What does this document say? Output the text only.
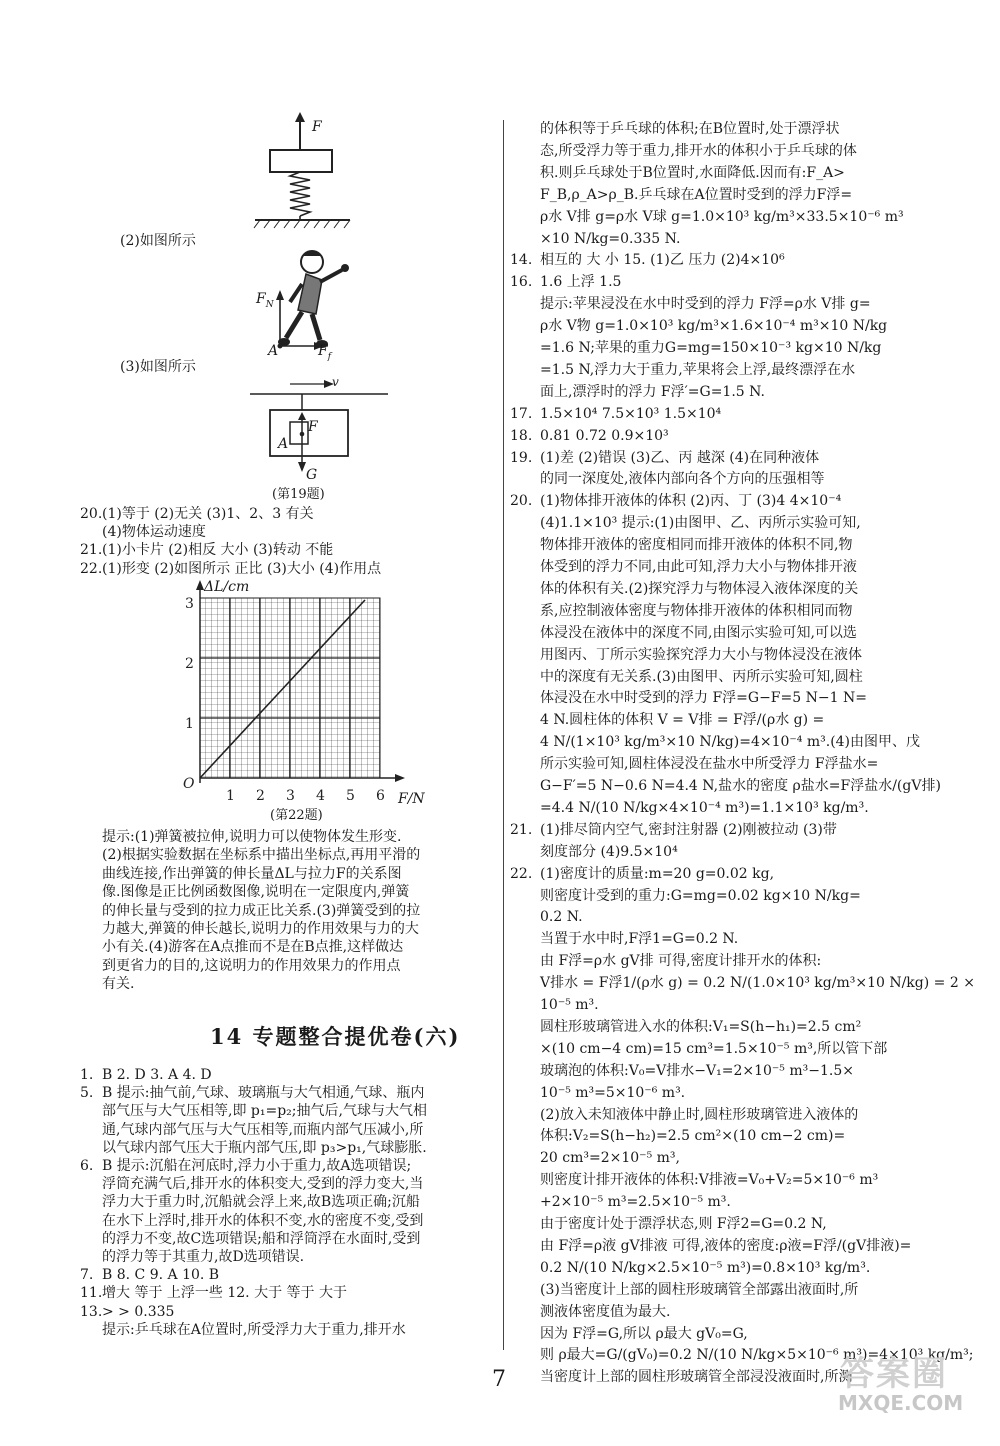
F
(2)如图所示
$F_N$
A	$F_f$
(3)如图所示
v
A
F
G
(第19题)
20. (1)等于 (2)无关 (3)1、2、3 有关
(4)物体运动速度
21. (1)小卡片 (2)相反 大小 (3)转动 不能
22. (1)形变 (2)如图所示 正比 (3)大小 (4)作用点
3
2
1
O
1 2 3 4 5 6
ΔL/cm
F/N
(第22题)
提示:(1)弹簧被拉伸,说明力可以使物体发生形变.
(2)根据实验数据在坐标系中描出坐标点,再用平滑的
曲线连接,作出弹簧的伸长量ΔL与拉力F的关系图
像.图像是正比例函数图像,说明在一定限度内,弹簧
的伸长量与受到的拉力成正比关系.(3)弹簧受到的拉
力越大,弹簧的伸长越长,说明力的作用效果与力的大
小有关.(4)游客在A点推而不是在B点推,这样做达
到更省力的目的,这说明力的作用效果力的作用点
有关.
14 专题整合提优卷(六)
1. B 2. D 3. A 4. D
5. B 提示:抽气前,气球、玻璃瓶与大气相通,气球、瓶内
部气压与大气压相等,即 p₁=p₂;抽气后,气球与大气相
通,气球内部气压与大气压相等,而瓶内部气压减小,所
以气球内部气压大于瓶内部气压,即 p₃>p₁,气球膨胀.
6. B 提示:沉船在河底时,浮力小于重力,故A选项错误;
浮筒充满气后,排开水的体积变大,受到的浮力变大,当
浮力大于重力时,沉船就会浮上来,故B选项正确;沉船
在水下上浮时,排开水的体积不变,水的密度不变,受到
的浮力不变,故C选项错误;船和浮筒浮在水面时,受到
的浮力等于其重力,故D选项错误.
7. B 8. C 9. A 10. B
11. 增大 等于 上浮一些 12. 大于 等于 大于
13. > > 0.335
提示:乒乓球在A位置时,所受浮力大于重力,排开水
的体积等于乒乓球的体积;在B位置时,处于漂浮状
态,所受浮力等于重力,排开水的体积小于乒乓球的体
积.则乒乓球处于B位置时,水面降低.因而有:F_A>
F_B,ρ_A>ρ_B.乒乓球在A位置时受到的浮力F浮=
ρ水 V排 g=ρ水 V球 g=1.0×10³ kg/m³×33.5×10⁻⁶ m³
×10 N/kg=0.335 N.
14. 相互的 大 小 15. (1)乙 压力 (2)4×10⁶
16. 1.6 上浮 1.5
提示:苹果浸没在水中时受到的浮力 F浮=ρ水 V排 g=
ρ水 V物 g=1.0×10³ kg/m³×1.6×10⁻⁴ m³×10 N/kg
=1.6 N;苹果的重力G=mg=150×10⁻³ kg×10 N/kg
=1.5 N,浮力大于重力,苹果将会上浮,最终漂浮在水
面上,漂浮时的浮力 F浮′=G=1.5 N.
17. 1.5×10⁴ 7.5×10³ 1.5×10⁴
18. 0.81 0.72 0.9×10³
19. (1)差 (2)错误 (3)乙、丙 越深 (4)在同种液体
的同一深度处,液体内部向各个方向的压强相等
20. (1)物体排开液体的体积 (2)丙、丁 (3)4 4×10⁻⁴
(4)1.1×10³ 提示:(1)由图甲、乙、丙所示实验可知,
物体排开液体的密度相同而排开液体的体积不同,物
体受到的浮力不同,由此可知,浮力大小与物体排开液
体的体积有关.(2)探究浮力与物体浸入液体深度的关
系,应控制液体密度与物体排开液体的体积相同而物
体浸没在液体中的深度不同,由图示实验可知,可以选
用图丙、丁所示实验探究浮力大小与物体浸没在液体
中的深度有无关系.(3)由图甲、丙所示实验可知,圆柱
体浸没在水中时受到的浮力 F浮=G−F=5 N−1 N=
4 N.圆柱体的体积 V = V排 = F浮/(ρ水 g) =
4 N/(1×10³ kg/m³×10 N/kg)=4×10⁻⁴ m³.(4)由图甲、戊
所示实验可知,圆柱体浸没在盐水中所受浮力 F浮盐水=
G−F′=5 N−0.6 N=4.4 N,盐水的密度 ρ盐水=F浮盐水/(gV排)
=4.4 N/(10 N/kg×4×10⁻⁴ m³)=1.1×10³ kg/m³.
21. (1)排尽筒内空气,密封注射器 (2)刚被拉动 (3)带
刻度部分 (4)9.5×10⁴
22. (1)密度计的质量:m=20 g=0.02 kg,
则密度计受到的重力:G=mg=0.02 kg×10 N/kg=
0.2 N.
当置于水中时,F浮1=G=0.2 N.
由 F浮=ρ水 gV排 可得,密度计排开水的体积:
V排水 = F浮1/(ρ水 g) = 0.2 N/(1.0×10³ kg/m³×10 N/kg) = 2 ×
10⁻⁵ m³.
圆柱形玻璃管进入水的体积:V₁=S(h−h₁)=2.5 cm²
×(10 cm−4 cm)=15 cm³=1.5×10⁻⁵ m³,所以管下部
玻璃泡的体积:V₀=V排水−V₁=2×10⁻⁵ m³−1.5×
10⁻⁵ m³=5×10⁻⁶ m³.
(2)放入未知液体中静止时,圆柱形玻璃管进入液体的
体积:V₂=S(h−h₂)=2.5 cm²×(10 cm−2 cm)=
20 cm³=2×10⁻⁵ m³,
则密度计排开液体的体积:V排液=V₀+V₂=5×10⁻⁶ m³
+2×10⁻⁵ m³=2.5×10⁻⁵ m³.
由于密度计处于漂浮状态,则 F浮2=G=0.2 N,
由 F浮=ρ液 gV排液 可得,液体的密度:ρ液=F浮/(gV排液)=
0.2 N/(10 N/kg×2.5×10⁻⁵ m³)=0.8×10³ kg/m³.
(3)当密度计上部的圆柱形玻璃管全部露出液面时,所
测液体密度值为最大.
因为 F浮=G,所以 ρ最大 gV₀=G,
则 ρ最大=G/(gV₀)=0.2 N/(10 N/kg×5×10⁻⁶ m³)=4×10³ kg/m³;
当密度计上部的圆柱形玻璃管全部浸没液面时,所测
7	答案圈
MXQE.COM
